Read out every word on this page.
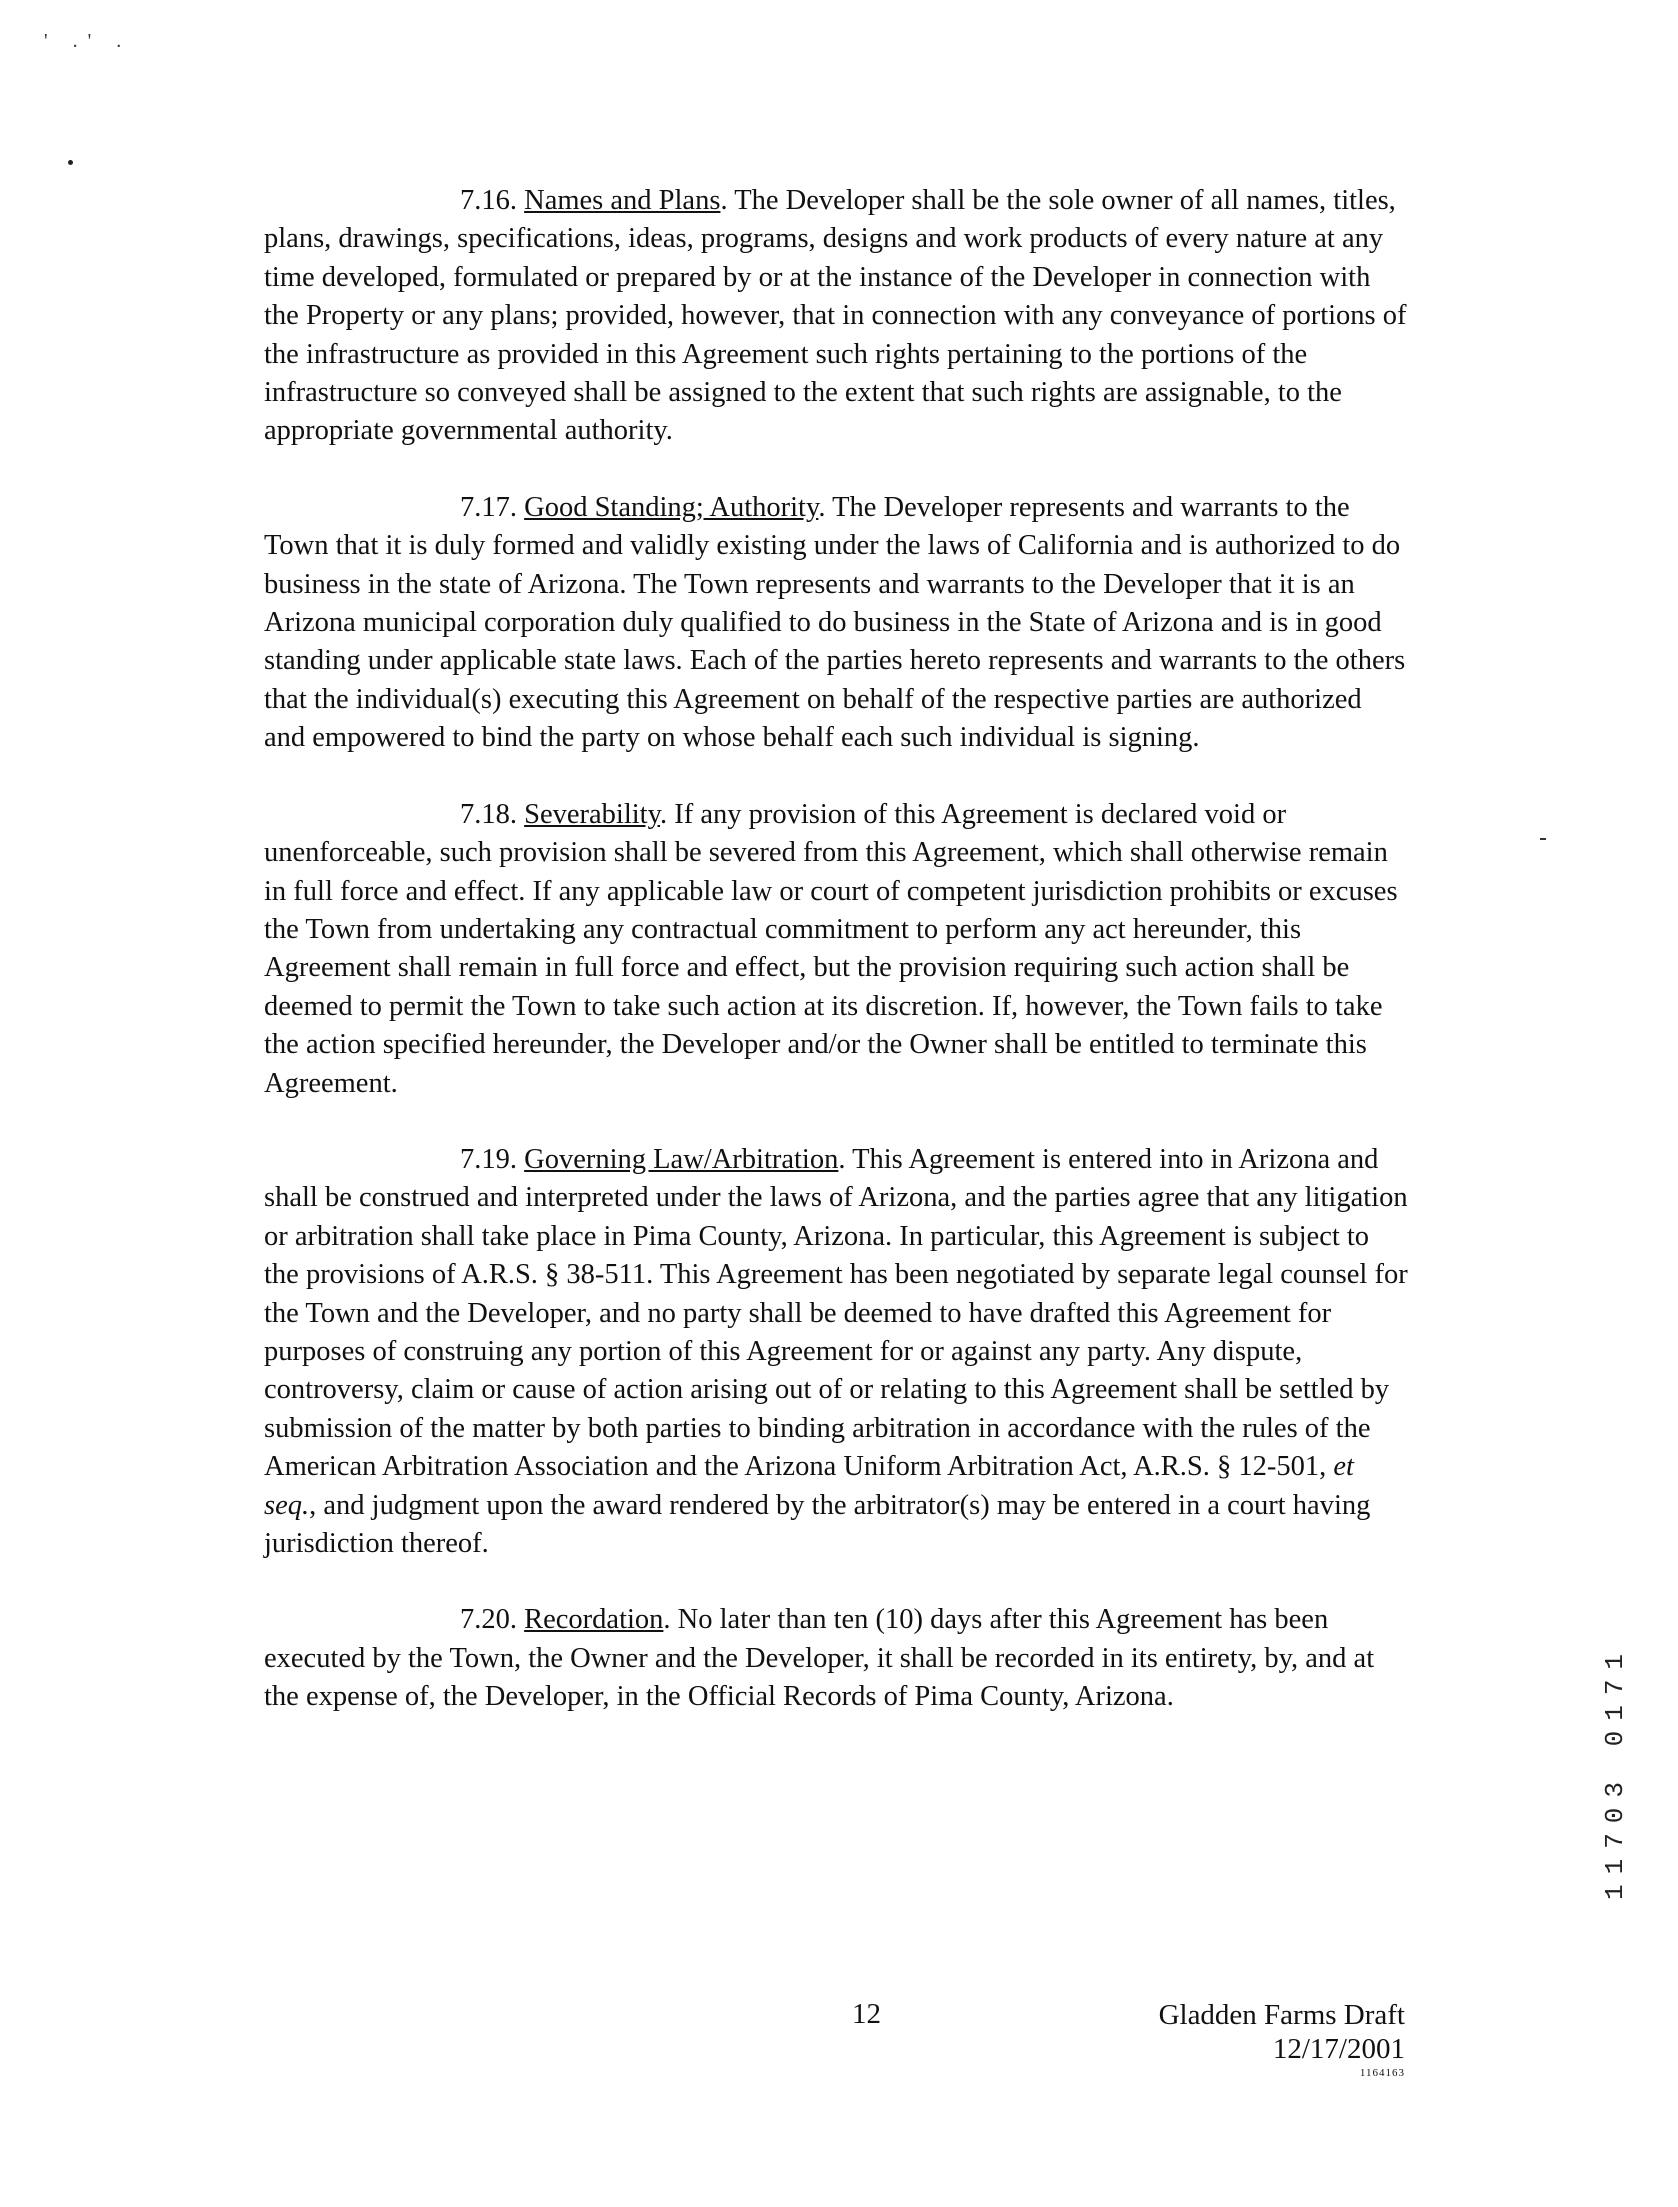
' .' .

7.16. Names and Plans. The Developer shall be the sole owner of all names, titles, plans, drawings, specifications, ideas, programs, designs and work products of every nature at any time developed, formulated or prepared by or at the instance of the Developer in connection with the Property or any plans; provided, however, that in connection with any conveyance of portions of the infrastructure as provided in this Agreement such rights pertaining to the portions of the infrastructure so conveyed shall be assigned to the extent that such rights are assignable, to the appropriate governmental authority.

7.17. Good Standing; Authority. The Developer represents and warrants to the Town that it is duly formed and validly existing under the laws of California and is authorized to do business in the state of Arizona. The Town represents and warrants to the Developer that it is an Arizona municipal corporation duly qualified to do business in the State of Arizona and is in good standing under applicable state laws. Each of the parties hereto represents and warrants to the others that the individual(s) executing this Agreement on behalf of the respective parties are authorized and empowered to bind the party on whose behalf each such individual is signing.

7.18. Severability. If any provision of this Agreement is declared void or unenforceable, such provision shall be severed from this Agreement, which shall otherwise remain in full force and effect. If any applicable law or court of competent jurisdiction prohibits or excuses the Town from undertaking any contractual commitment to perform any act hereunder, this Agreement shall remain in full force and effect, but the provision requiring such action shall be deemed to permit the Town to take such action at its discretion. If, however, the Town fails to take the action specified hereunder, the Developer and/or the Owner shall be entitled to terminate this Agreement.

7.19. Governing Law/Arbitration. This Agreement is entered into in Arizona and shall be construed and interpreted under the laws of Arizona, and the parties agree that any litigation or arbitration shall take place in Pima County, Arizona. In particular, this Agreement is subject to the provisions of A.R.S. § 38-511. This Agreement has been negotiated by separate legal counsel for the Town and the Developer, and no party shall be deemed to have drafted this Agreement for purposes of construing any portion of this Agreement for or against any party. Any dispute, controversy, claim or cause of action arising out of or relating to this Agreement shall be settled by submission of the matter by both parties to binding arbitration in accordance with the rules of the American Arbitration Association and the Arizona Uniform Arbitration Act, A.R.S. § 12-501, et seq., and judgment upon the award rendered by the arbitrator(s) may be entered in a court having jurisdiction thereof.

7.20. Recordation. No later than ten (10) days after this Agreement has been executed by the Town, the Owner and the Developer, it shall be recorded in its entirety, by, and at the expense of, the Developer, in the Official Records of Pima County, Arizona.

12	Gladden Farms Draft
12/17/2001
1164163
11703 0171
